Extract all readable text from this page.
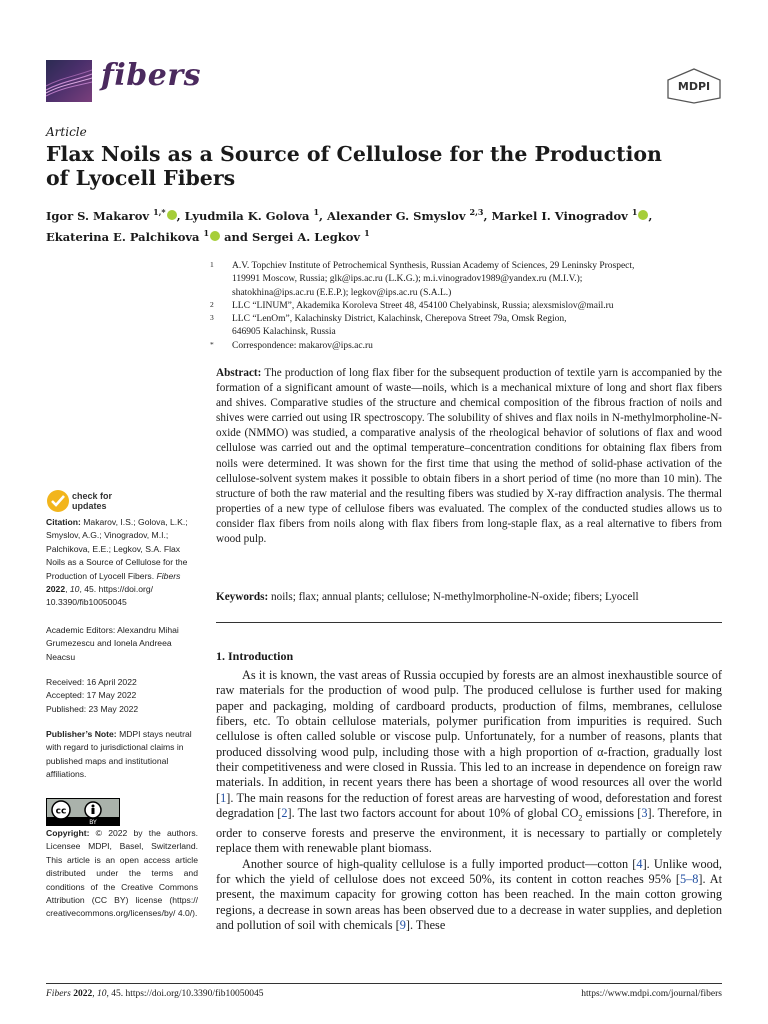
fibers	MDPI
Article
Flax Noils as a Source of Cellulose for the Production of Lyocell Fibers
Igor S. Makarov $^{1,*}$ , Lyudmila K. Golova $^1$, Alexander G. Smyslov $^{2,3}$, Markel I. Vinogradov $^1$ ,
Ekaterina E. Palchikova $^1$ and Sergei A. Legkov $^1$
1 A.V. Topchiev Institute of Petrochemical Synthesis, Russian Academy of Sciences, 29 Leninsky Prospect,
119991 Moscow, Russia; glk@ips.ac.ru (L.K.G.); m.i.vinogradov1989@yandex.ru (M.I.V.);
shatokhina@ips.ac.ru (E.E.P.); legkov@ips.ac.ru (S.A.L.)
2 LLC “LINUM”, Akademika Koroleva Street 48, 454100 Chelyabinsk, Russia; alexsmislov@mail.ru
3 LLC “LenOm”, Kalachinsky District, Kalachinsk, Cherepova Street 79a, Omsk Region,
646905 Kalachinsk, Russia
* Correspondence: makarov@ips.ac.ru
Abstract: The production of long flax fiber for the subsequent production of textile yarn is accompanied by the formation of a significant amount of waste—noils, which is a mechanical mixture of long and short flax fibers and shives. Comparative studies of the structure and chemical composition of the fibrous fraction of noils and shives were carried out using IR spectroscopy. The solubility of shives and flax noils in N-methylmorpholine-N-oxide (NMMO) was studied, a comparative analysis of the rheological behavior of solutions of flax and wood cellulose was carried out and the optimal temperature–concentration conditions for obtaining flax fibers from noils were determined. It was shown for the first time that using the method of solid-phase activation of the cellulose-solvent system makes it possible to obtain fibers in a short period of time (no more than 10 min). The structure of both the raw material and the resulting fibers was studied by X-ray diffraction analysis. The thermal properties of a new type of cellulose fibers was evaluated. The complex of the conducted studies allows us to consider flax fibers from noils along with flax fibers from long-staple flax, as a real alternative to fibers from wood pulp.
Keywords: noils; flax; annual plants; cellulose; N-methylmorpholine-N-oxide; fibers; Lyocell
1. Introduction

As it is known, the vast areas of Russia occupied by forests are an almost inexhaustible source of raw materials for the production of wood pulp. The produced cellulose is further used for making paper and packaging, molding of cardboard products, production of films, membranes, cellulose fibers, etc. To obtain cellulose materials, polymer purification from impurities is required. Such cellulose is often called soluble or viscose pulp. Unfortunately, for a number of reasons, plants that produced dissolving wood pulp, including those with a high proportion of α-fraction, gradually lost their competitiveness and were closed in Russia. This led to an increase in dependence on foreign raw materials. In addition, in recent years there has been a shortage of wood resources all over the world [1]. The main reasons for the reduction of forest areas are harvesting of wood, deforestation and forest degradation [2]. The last two factors account for about 10% of global $CO_2$ emissions [3]. Therefore, in order to conserve forests and preserve the environment, it is necessary to partially or completely replace them with renewable plant biomass.

Another source of high-quality cellulose is a fully imported product—cotton [4]. Unlike wood, for which the yield of cellulose does not exceed 50%, its content in cotton reaches 95% [5–8]. At present, the maximum capacity for growing cotton has been reached. In the main cotton growing regions, a decrease in sown areas has been observed due to a decrease in water supplies, and depletion and pollution of soil with chemicals [9]. These

check for
updates
Citation: Makarov, I.S.; Golova, L.K.; Smyslov, A.G.; Vinogradov, M.I.; Palchikova, E.E.; Legkov, S.A. Flax Noils as a Source of Cellulose for the Production of Lyocell Fibers. Fibers 2022, 10, 45. https://doi.org/ 10.3390/fib10050045
Academic Editors: Alexandru Mihai Grumezescu and Ionela Andreea Neacsu
Received: 16 April 2022
Accepted: 17 May 2022
Published: 23 May 2022
Publisher’s Note: MDPI stays neutral with regard to jurisdictional claims in published maps and institutional affiliations.
cc
BY
Copyright: © 2022 by the authors. Licensee MDPI, Basel, Switzerland. This article is an open access article distributed under the terms and conditions of the Creative Commons Attribution (CC BY) license (https:// creativecommons.org/licenses/by/ 4.0/).
Fibers 2022, 10, 45. https://doi.org/10.3390/fib10050045	https://www.mdpi.com/journal/fibers
